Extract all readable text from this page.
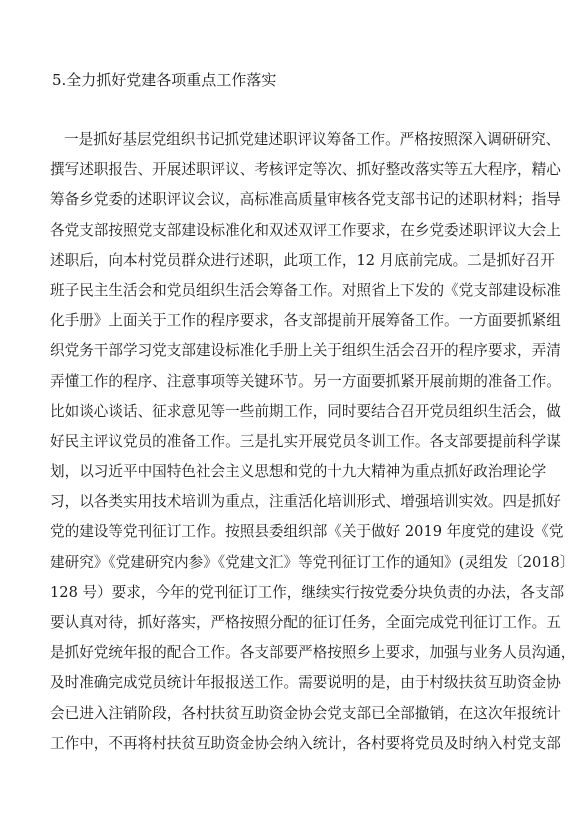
5.全力抓好党建各项重点工作落实
一是抓好基层党组织书记抓党建述职评议筹备工作。严格按照深入调研研究、
撰写述职报告、开展述职评议、考核评定等次、抓好整改落实等五大程序，精心
筹备乡党委的述职评议会议，高标准高质量审核各党支部书记的述职材料；指导
各党支部按照党支部建设标准化和双述双评工作要求，在乡党委述职评议大会上
述职后，向本村党员群众进行述职，此项工作，12 月底前完成。二是抓好召开
班子民主生活会和党员组织生活会筹备工作。对照省上下发的《党支部建设标准
化手册》上面关于工作的程序要求，各支部提前开展筹备工作。一方面要抓紧组
织党务干部学习党支部建设标准化手册上关于组织生活会召开的程序要求，弄清
弄懂工作的程序、注意事项等关键环节。另一方面要抓紧开展前期的准备工作。
比如谈心谈话、征求意见等一些前期工作，同时要结合召开党员组织生活会，做
好民主评议党员的准备工作。三是扎实开展党员冬训工作。各支部要提前科学谋
划，以习近平中国特色社会主义思想和党的十九大精神为重点抓好政治理论学
习，以各类实用技术培训为重点，注重活化培训形式、增强培训实效。四是抓好
党的建设等党刊征订工作。按照县委组织部《关于做好 2019 年度党的建设《党
建研究》《党建研究内参》《党建文汇》等党刊征订工作的通知》(灵组发〔2018〕
128 号）要求，今年的党刊征订工作，继续实行按党委分块负责的办法，各支部
要认真对待，抓好落实，严格按照分配的征订任务，全面完成党刊征订工作。五
是抓好党统年报的配合工作。各支部要严格按照乡上要求，加强与业务人员沟通，
及时准确完成党员统计年报报送工作。需要说明的是，由于村级扶贫互助资金协
会已进入注销阶段，各村扶贫互助资金协会党支部已全部撤销，在这次年报统计
工作中，不再将村扶贫互助资金协会纳入统计，各村要将党员及时纳入村党支部
